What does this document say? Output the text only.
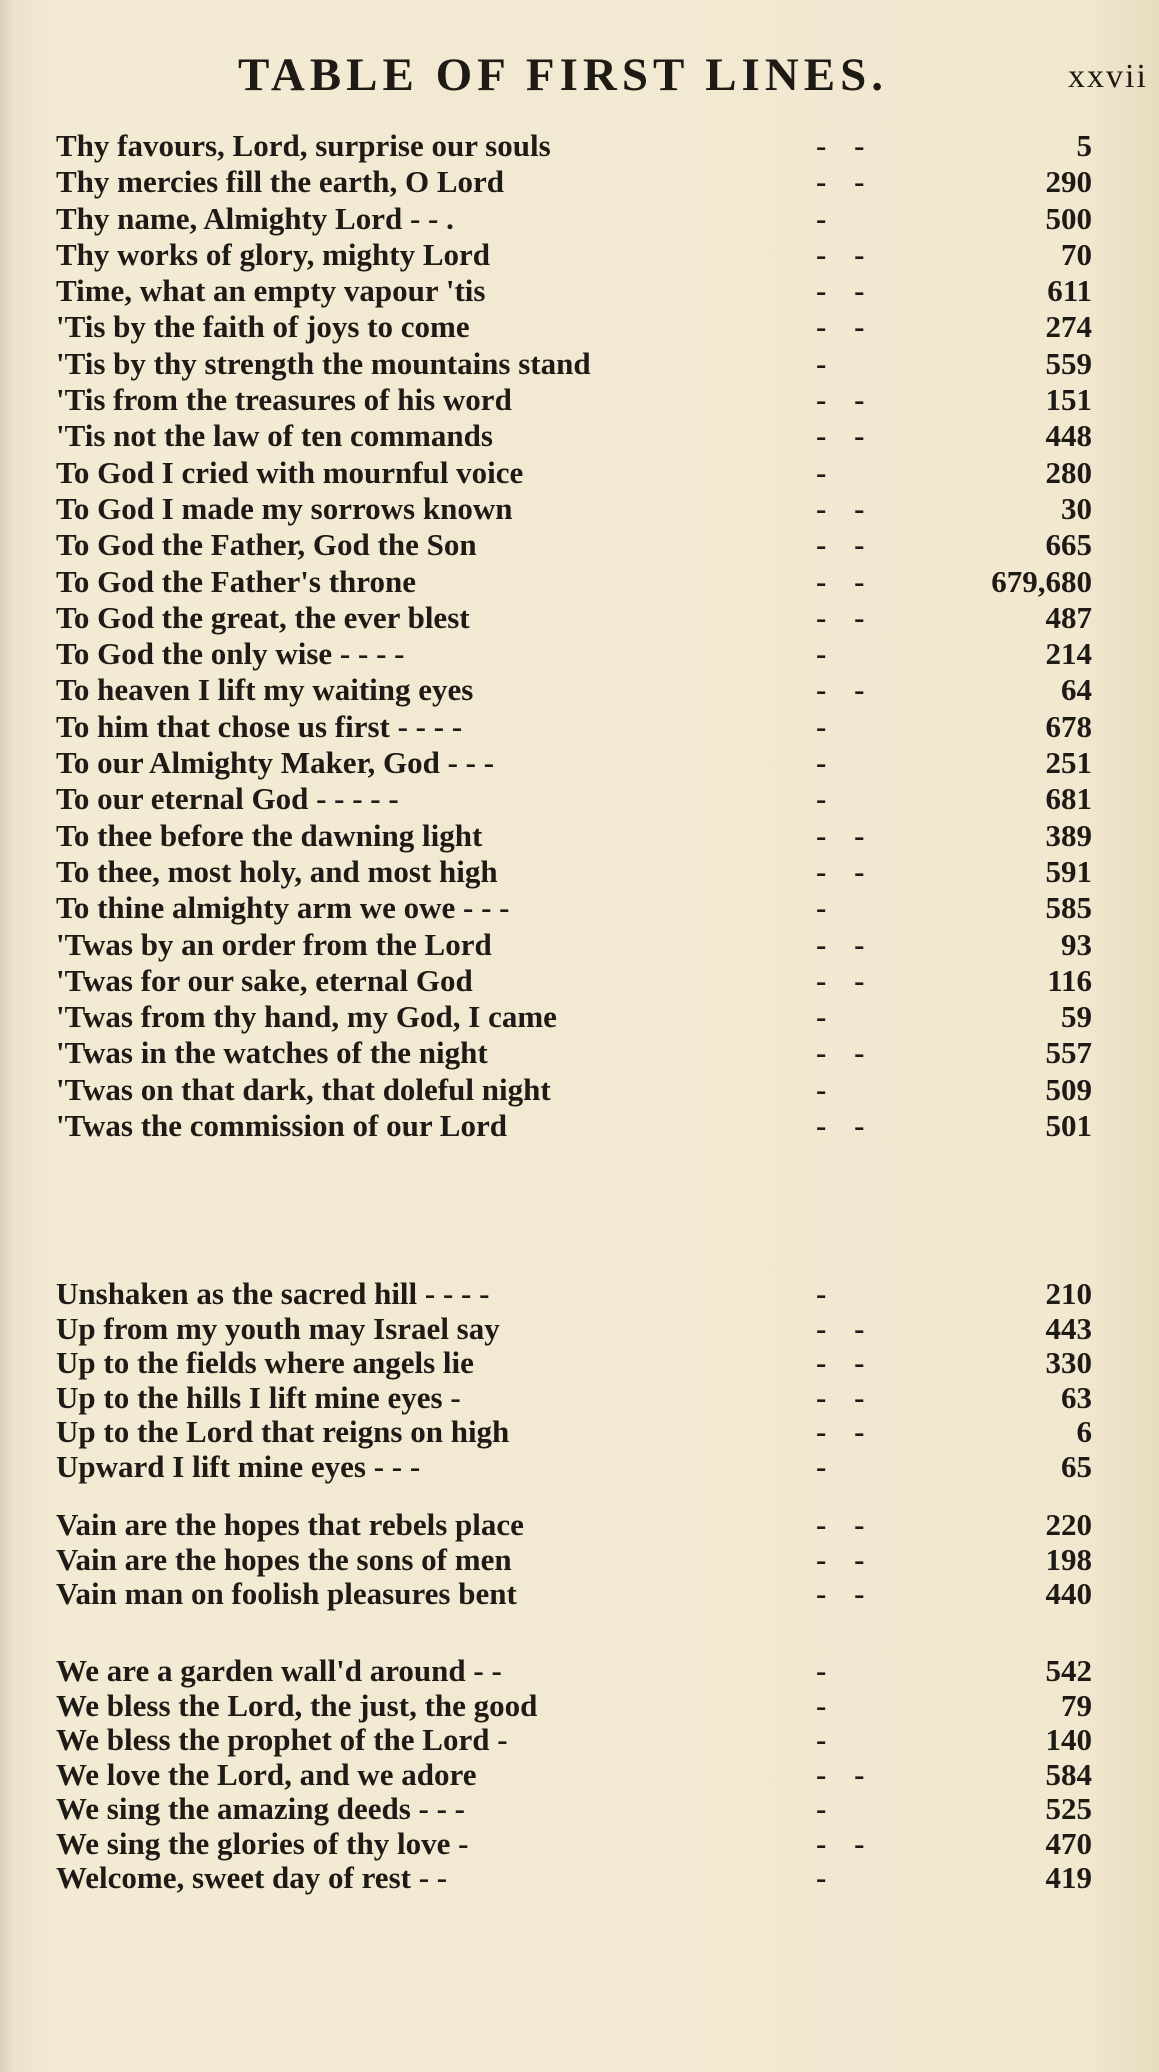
TABLE OF FIRST LINES.	xxvii
Thy favours, Lord, surprise our souls	- -	5
Thy mercies fill the earth, O Lord	- -	290
Thy name, Almighty Lord - - .	-	500
Thy works of glory, mighty Lord	- -	70
Time, what an empty vapour 'tis	- -	611
'Tis by the faith of joys to come	- -	274
'Tis by thy strength the mountains stand	-	559
'Tis from the treasures of his word	- -	151
'Tis not the law of ten commands	- -	448
To God I cried with mournful voice	-	280
To God I made my sorrows known	- -	30
To God the Father, God the Son	- -	665
To God the Father's throne	- -	679,680
To God the great, the ever blest	- -	487
To God the only wise - - - -	-	214
To heaven I lift my waiting eyes	- -	64
To him that chose us first - - - -	-	678
To our Almighty Maker, God - - -	-	251
To our eternal God - - - - -	-	681
To thee before the dawning light	- -	389
To thee, most holy, and most high	- -	591
To thine almighty arm we owe - - -	-	585
'Twas by an order from the Lord	- -	93
'Twas for our sake, eternal God	- -	116
'Twas from thy hand, my God, I came	-	59
'Twas in the watches of the night	- -	557
'Twas on that dark, that doleful night	-	509
'Twas the commission of our Lord	- -	501
Unshaken as the sacred hill - - - -	-	210
Up from my youth may Israel say	- -	443
Up to the fields where angels lie	- -	330
Up to the hills I lift mine eyes -	- -	63
Up to the Lord that reigns on high	- -	6
Upward I lift mine eyes - - -	-	65
Vain are the hopes that rebels place	- -	220
Vain are the hopes the sons of men	- -	198
Vain man on foolish pleasures bent	- -	440
We are a garden wall'd around - -	-	542
We bless the Lord, the just, the good	-	79
We bless the prophet of the Lord -	-	140
We love the Lord, and we adore	- -	584
We sing the amazing deeds - - -	-	525
We sing the glories of thy love -	- -	470
Welcome, sweet day of rest - -	-	419
